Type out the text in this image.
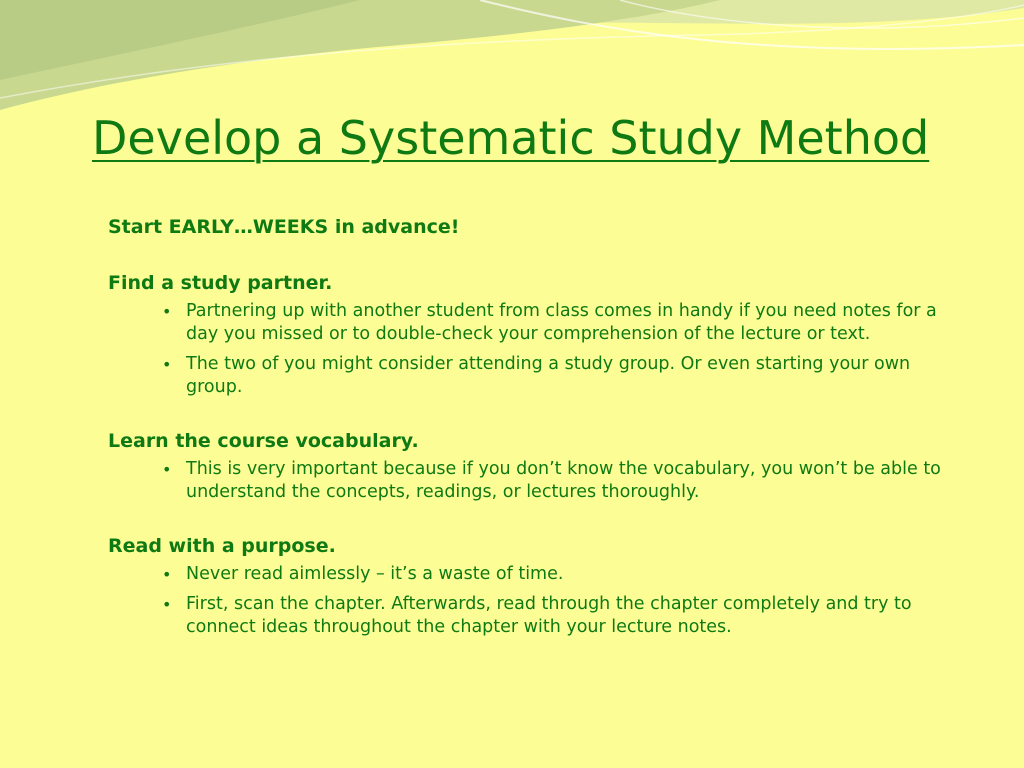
Develop a Systematic Study Method

Start EARLY…WEEKS in advance!

Find a study partner.

• Partnering up with another student from class comes in handy if you need notes for a day you missed or to double-check your comprehension of the lecture or text.
• The two of you might consider attending a study group. Or even starting your own group.

Learn the course vocabulary.

• This is very important because if you don’t know the vocabulary, you won’t be able to understand the concepts, readings, or lectures thoroughly.

Read with a purpose.

• Never read aimlessly – it’s a waste of time.
• First, scan the chapter. Afterwards, read through the chapter completely and try to connect ideas throughout the chapter with your lecture notes.
